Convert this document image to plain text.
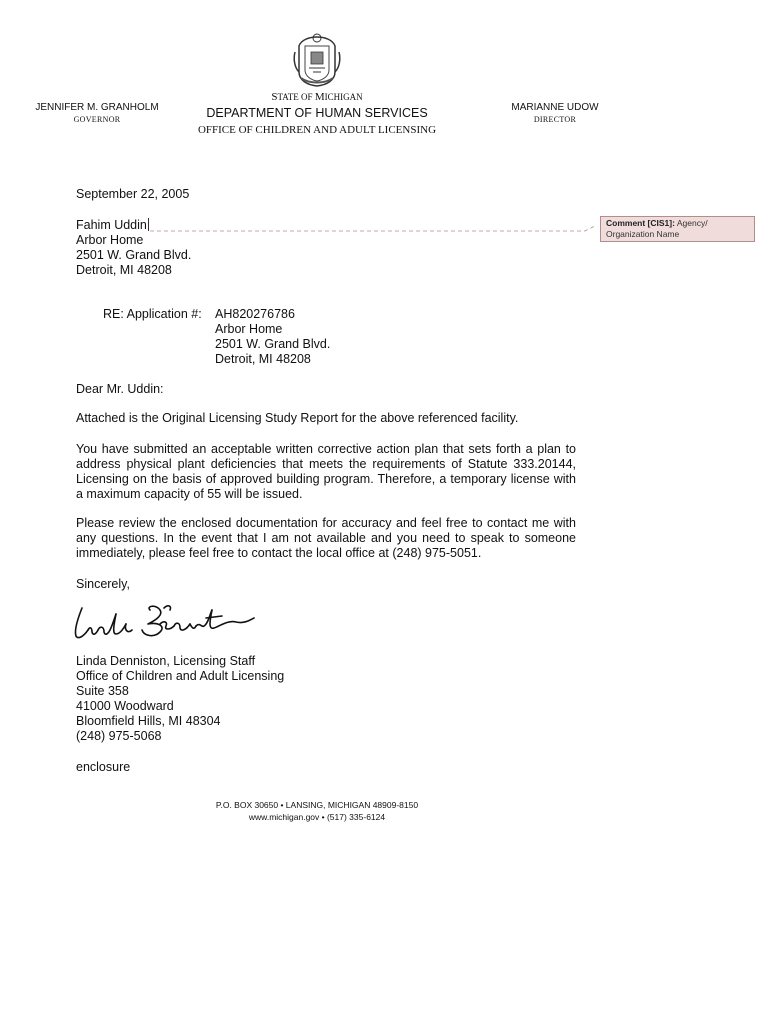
STATE OF MICHIGAN
DEPARTMENT OF HUMAN SERVICES
OFFICE OF CHILDREN AND ADULT LICENSING
JENNIFER M. GRANHOLM
GOVERNOR
MARIANNE UDOW
DIRECTOR
September 22, 2005
Fahim Uddin
Arbor Home
2501 W. Grand Blvd.
Detroit, MI 48208
Comment [CIS1]: Agency/ Organization Name
RE: Application #: AH820276786
Arbor Home
2501 W. Grand Blvd.
Detroit, MI 48208
Dear Mr. Uddin:
Attached is the Original Licensing Study Report for the above referenced facility.
You have submitted an acceptable written corrective action plan that sets forth a plan to address physical plant deficiencies that meets the requirements of Statute 333.20144, Licensing on the basis of approved building program. Therefore, a temporary license with a maximum capacity of 55 will be issued.
Please review the enclosed documentation for accuracy and feel free to contact me with any questions. In the event that I am not available and you need to speak to someone immediately, please feel free to contact the local office at (248) 975-5051.
Sincerely,
Linda Denniston, Licensing Staff
Office of Children and Adult Licensing
Suite 358
41000 Woodward
Bloomfield Hills, MI 48304
(248) 975-5068
enclosure
P.O. BOX 30650 • LANSING, MICHIGAN 48909-8150
www.michigan.gov • (517) 335-6124
